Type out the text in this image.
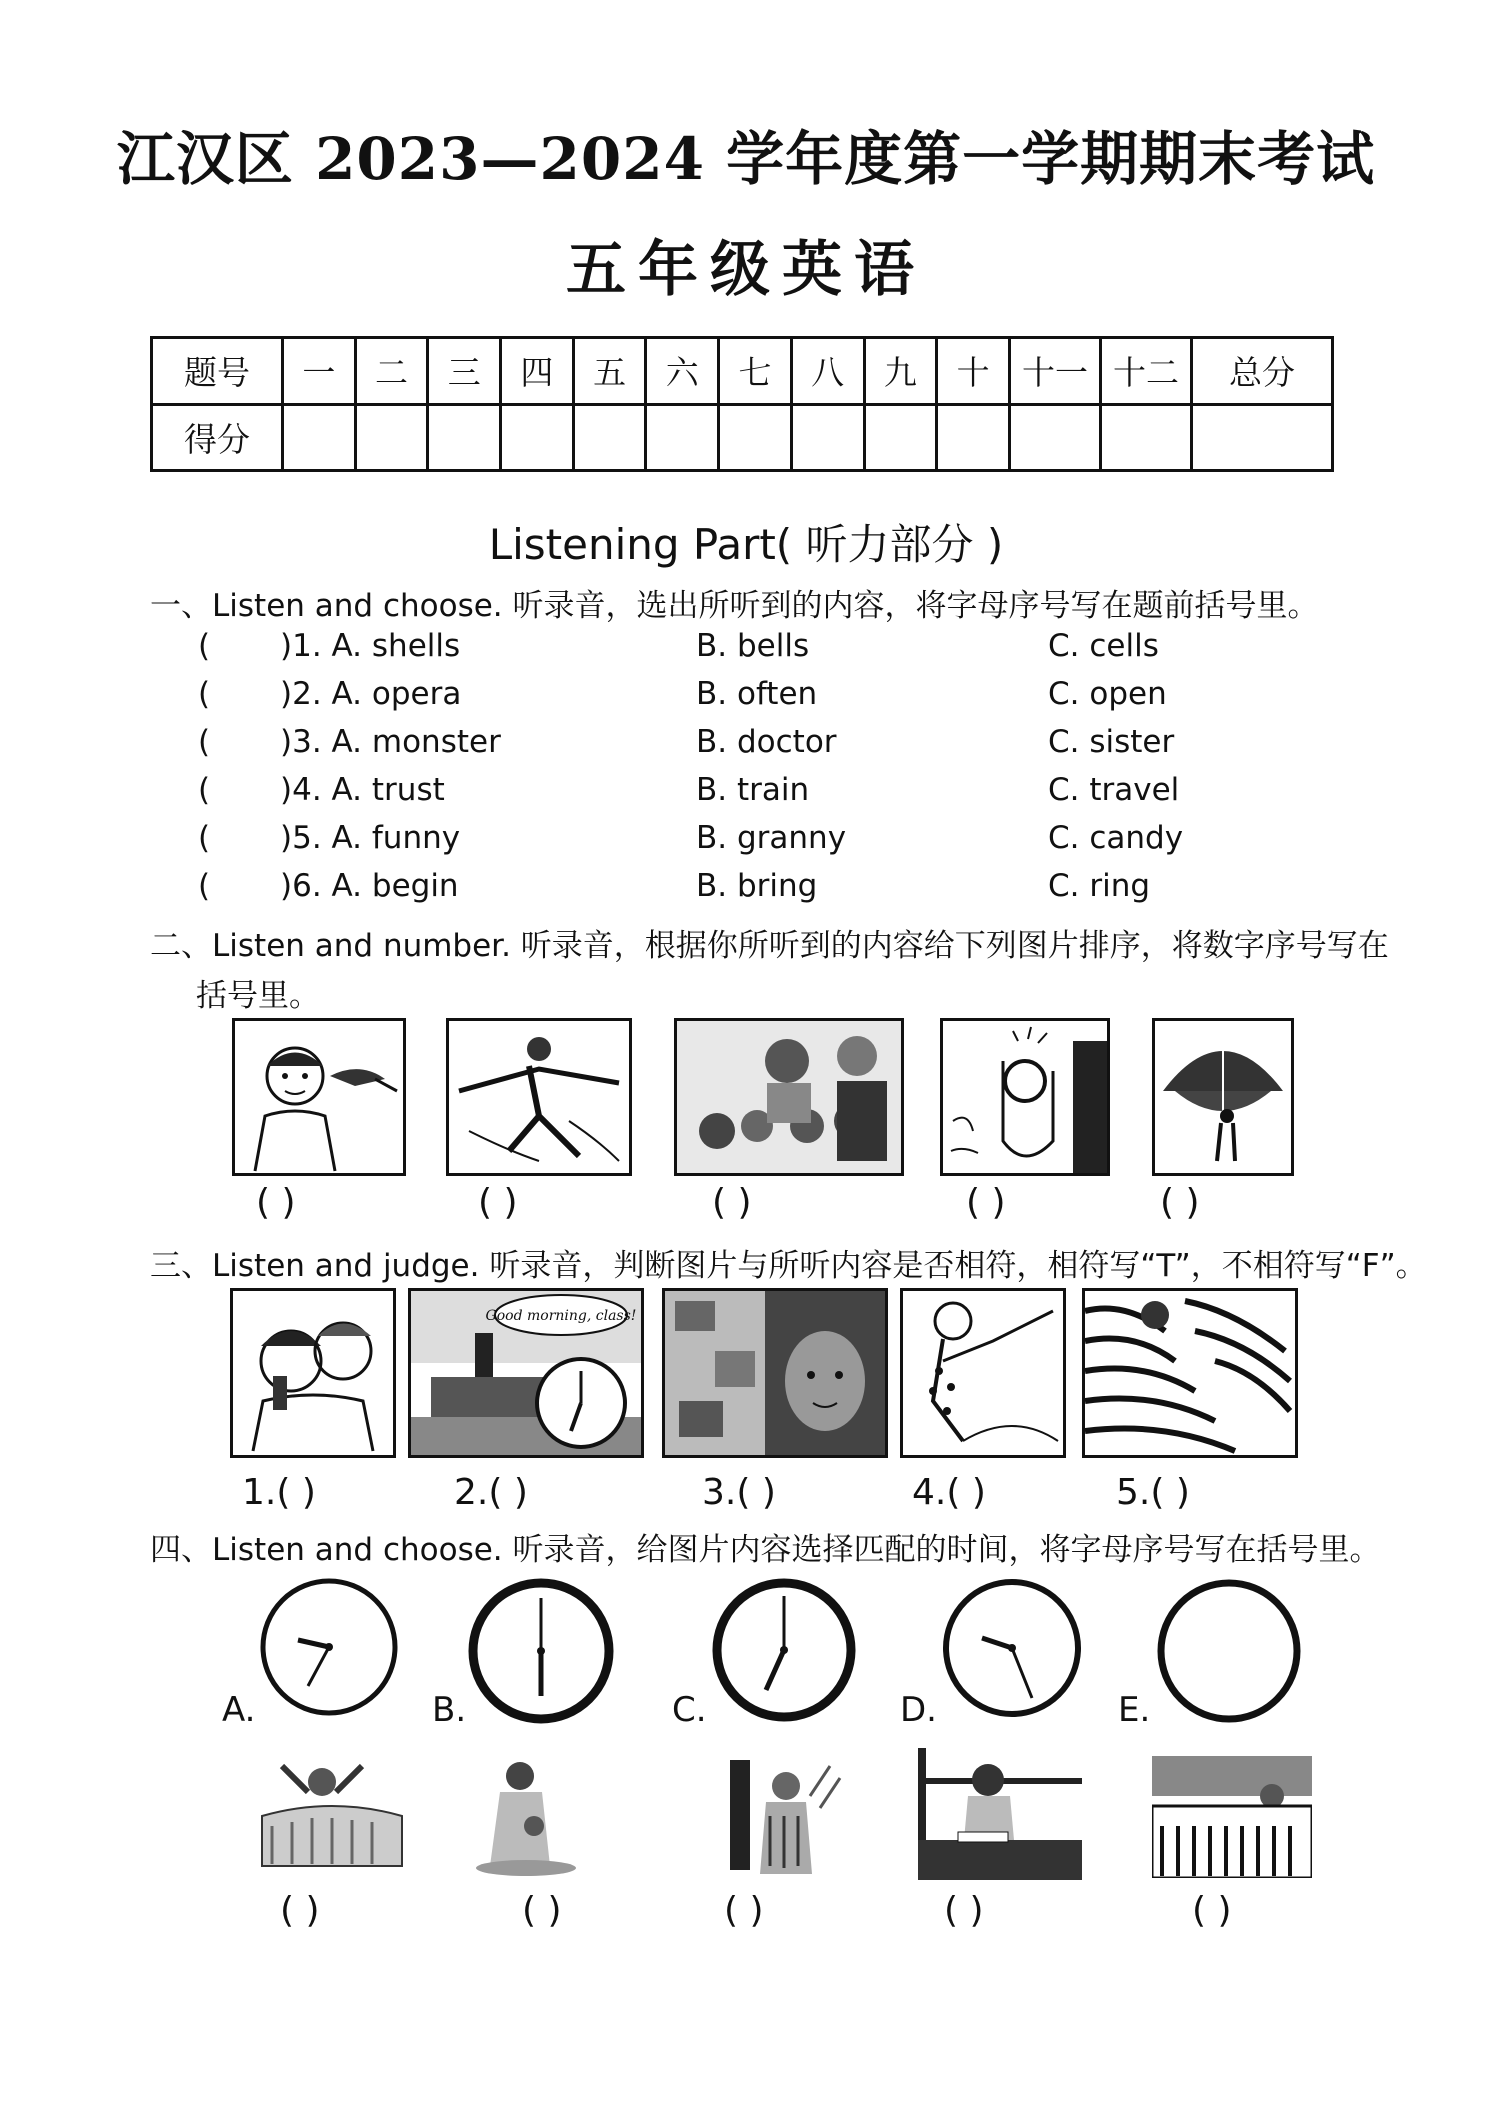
江汉区 2023—2024 学年度第一学期期末考试
五年级英语
题号	一	二	三	四	五	六	七	八	九	十	十一	十二	总分
得分													
Listening Part( 听力部分 )
一、Listen and choose. 听录音，选出所听到的内容，将字母序号写在题前括号里。
( )1. A. shells	B. bells	C. cells
( )2. A. opera	B. often	C. open
( )3. A. monster	B. doctor	C. sister
( )4. A. trust	B. train	C. travel
( )5. A. funny	B. granny	C. candy
( )6. A. begin	B. bring	C. ring
二、Listen and number. 听录音，根据你所听到的内容给下列图片排序，将数字序号写在
括号里。
( )	( )	( )	( )	( )
三、Listen and judge. 听录音，判断图片与所听内容是否相符，相符写“T”，不相符写“F”。
Good morning, class!
1.( )	2.( )	3.( )	4.( )	5.( )
四、Listen and choose. 听录音，给图片内容选择匹配的时间，将字母序号写在括号里。
A.	B.	C.	D.	E.
( )	( )	( )	( )	( )
